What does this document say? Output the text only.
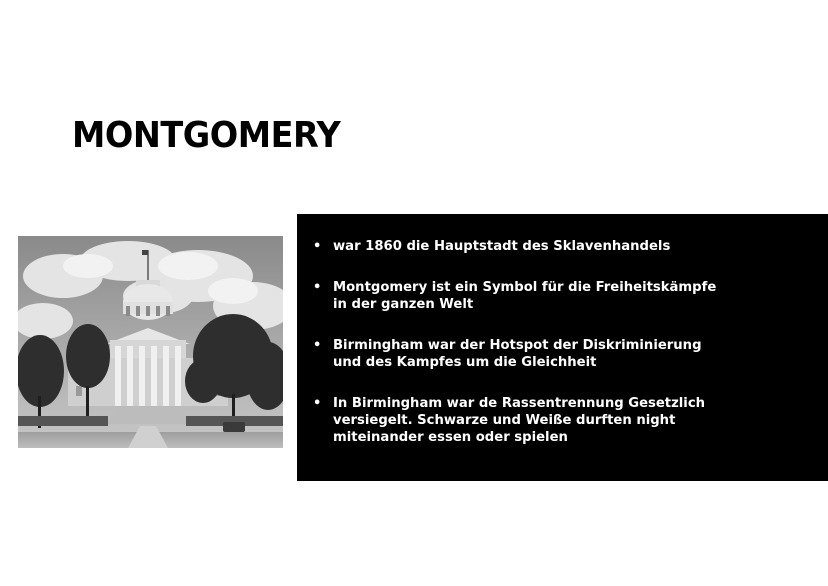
MONTGOMERY
• war 1860 die Hauptstadt des Sklavenhandels
• Montgomery ist ein Symbol für die Freiheitskämpfe in der ganzen Welt
• Birmingham war der Hotspot der Diskriminierung und des Kampfes um die Gleichheit
• In Birmingham war de Rassentrennung Gesetzlich versiegelt. Schwarze und Weiße durften night miteinander essen oder spielen
